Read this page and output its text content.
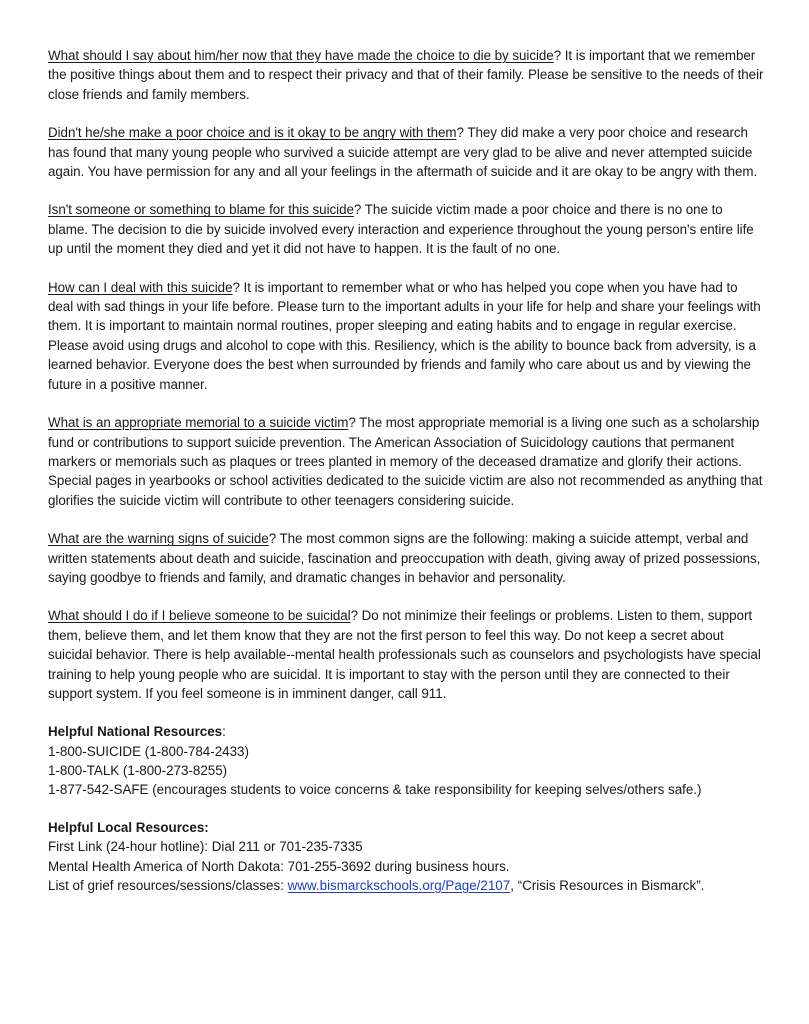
What should I say about him/her now that they have made the choice to die by suicide? It is important that we remember the positive things about them and to respect their privacy and that of their family. Please be sensitive to the needs of their close friends and family members.

Didn't he/she make a poor choice and is it okay to be angry with them? They did make a very poor choice and research has found that many young people who survived a suicide attempt are very glad to be alive and never attempted suicide again. You have permission for any and all your feelings in the aftermath of suicide and it are okay to be angry with them.

Isn't someone or something to blame for this suicide? The suicide victim made a poor choice and there is no one to blame. The decision to die by suicide involved every interaction and experience throughout the young person's entire life up until the moment they died and yet it did not have to happen. It is the fault of no one.

How can I deal with this suicide? It is important to remember what or who has helped you cope when you have had to deal with sad things in your life before. Please turn to the important adults in your life for help and share your feelings with them. It is important to maintain normal routines, proper sleeping and eating habits and to engage in regular exercise. Please avoid using drugs and alcohol to cope with this. Resiliency, which is the ability to bounce back from adversity, is a learned behavior. Everyone does the best when surrounded by friends and family who care about us and by viewing the future in a positive manner.

What is an appropriate memorial to a suicide victim? The most appropriate memorial is a living one such as a scholarship fund or contributions to support suicide prevention. The American Association of Suicidology cautions that permanent markers or memorials such as plaques or trees planted in memory of the deceased dramatize and glorify their actions. Special pages in yearbooks or school activities dedicated to the suicide victim are also not recommended as anything that glorifies the suicide victim will contribute to other teenagers considering suicide.

What are the warning signs of suicide? The most common signs are the following: making a suicide attempt, verbal and written statements about death and suicide, fascination and preoccupation with death, giving away of prized possessions, saying goodbye to friends and family, and dramatic changes in behavior and personality.

What should I do if I believe someone to be suicidal? Do not minimize their feelings or problems. Listen to them, support them, believe them, and let them know that they are not the first person to feel this way. Do not keep a secret about suicidal behavior. There is help available--mental health professionals such as counselors and psychologists have special training to help young people who are suicidal. It is important to stay with the person until they are connected to their support system. If you feel someone is in imminent danger, call 911.

Helpful National Resources:
1-800-SUICIDE (1-800-784-2433)
1-800-TALK (1-800-273-8255)
1-877-542-SAFE (encourages students to voice concerns & take responsibility for keeping selves/others safe.)
Helpful Local Resources:
First Link (24-hour hotline): Dial 211 or 701-235-7335
Mental Health America of North Dakota: 701-255-3692 during business hours.
List of grief resources/sessions/classes: www.bismarckschools.org/Page/2107, “Crisis Resources in Bismarck”.
